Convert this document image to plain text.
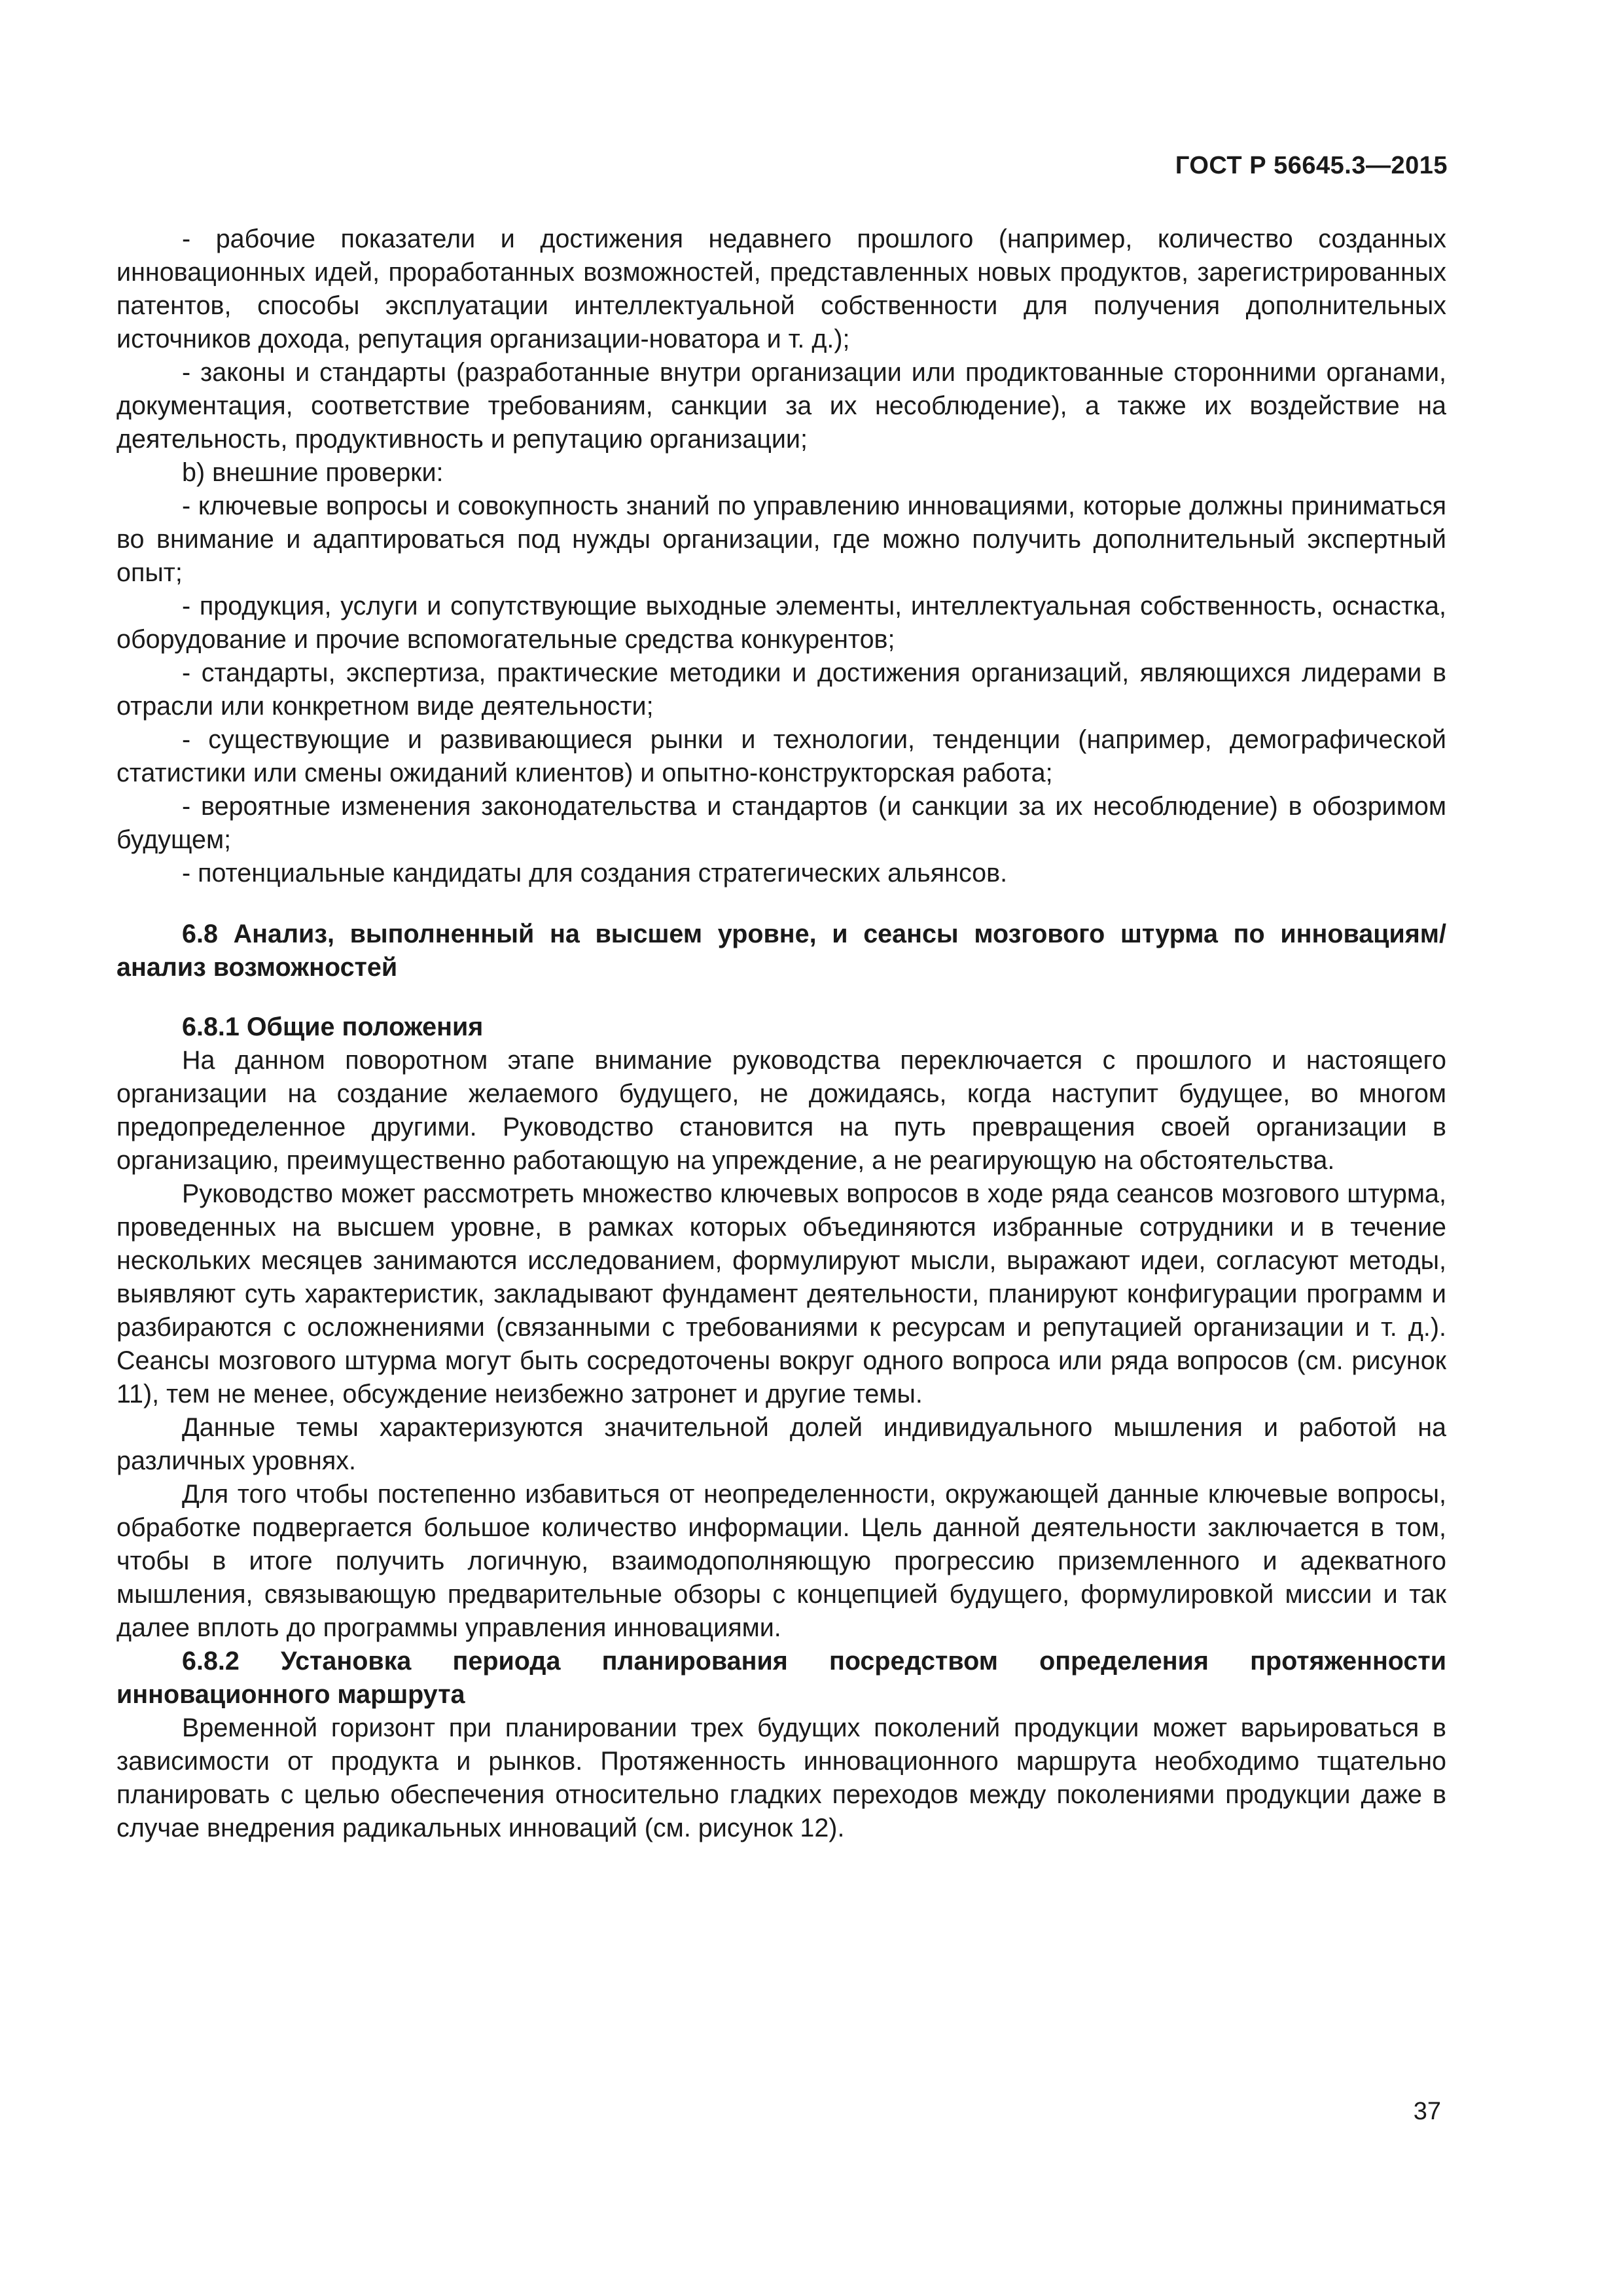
ГОСТ Р 56645.3—2015

- рабочие показатели и достижения недавнего прошлого (например, количество созданных инновационных идей, проработанных возможностей, представленных новых продуктов, зарегистрированных патентов, способы эксплуатации интеллектуальной собственности для получения дополнительных источников дохода, репутация организации-новатора и т. д.);

- законы и стандарты (разработанные внутри организации или продиктованные сторонними органами, документация, соответствие требованиям, санкции за их несоблюдение), а также их воздействие на деятельность, продуктивность и репутацию организации;

b) внешние проверки:

- ключевые вопросы и совокупность знаний по управлению инновациями, которые должны приниматься во внимание и адаптироваться под нужды организации, где можно получить дополнительный экспертный опыт;

- продукция, услуги и сопутствующие выходные элементы, интеллектуальная собственность, оснастка, оборудование и прочие вспомогательные средства конкурентов;

- стандарты, экспертиза, практические методики и достижения организаций, являющихся лидерами в отрасли или конкретном виде деятельности;

- существующие и развивающиеся рынки и технологии, тенденции (например, демографической статистики или смены ожиданий клиентов) и опытно-конструкторская работа;

- вероятные изменения законодательства и стандартов (и санкции за их несоблюдение) в обозримом будущем;

- потенциальные кандидаты для создания стратегических альянсов.

6.8 Анализ, выполненный на высшем уровне, и сеансы мозгового штурма по инновациям/ анализ возможностей
6.8.1 Общие положения

На данном поворотном этапе внимание руководства переключается с прошлого и настоящего организации на создание желаемого будущего, не дожидаясь, когда наступит будущее, во многом предопределенное другими. Руководство становится на путь превращения своей организации в организацию, преимущественно работающую на упреждение, а не реагирующую на обстоятельства.

Руководство может рассмотреть множество ключевых вопросов в ходе ряда сеансов мозгового штурма, проведенных на высшем уровне, в рамках которых объединяются избранные сотрудники и в течение нескольких месяцев занимаются исследованием, формулируют мысли, выражают идеи, согласуют методы, выявляют суть характеристик, закладывают фундамент деятельности, планируют конфигурации программ и разбираются с осложнениями (связанными с требованиями к ресурсам и репутацией организации и т. д.). Сеансы мозгового штурма могут быть сосредоточены вокруг одного вопроса или ряда вопросов (см. рисунок 11), тем не менее, обсуждение неизбежно затронет и другие темы.

Данные темы характеризуются значительной долей индивидуального мышления и работой на различных уровнях.

Для того чтобы постепенно избавиться от неопределенности, окружающей данные ключевые вопросы, обработке подвергается большое количество информации. Цель данной деятельности заключается в том, чтобы в итоге получить логичную, взаимодополняющую прогрессию приземленного и адекватного мышления, связывающую предварительные обзоры с концепцией будущего, формулировкой миссии и так далее вплоть до программы управления инновациями.

6.8.2 Установка периода планирования посредством определения протяженности инновационного маршрута

Временной горизонт при планировании трех будущих поколений продукции может варьироваться в зависимости от продукта и рынков. Протяженность инновационного маршрута необходимо тщательно планировать с целью обеспечения относительно гладких переходов между поколениями продукции даже в случае внедрения радикальных инноваций (см. рисунок 12).

37
